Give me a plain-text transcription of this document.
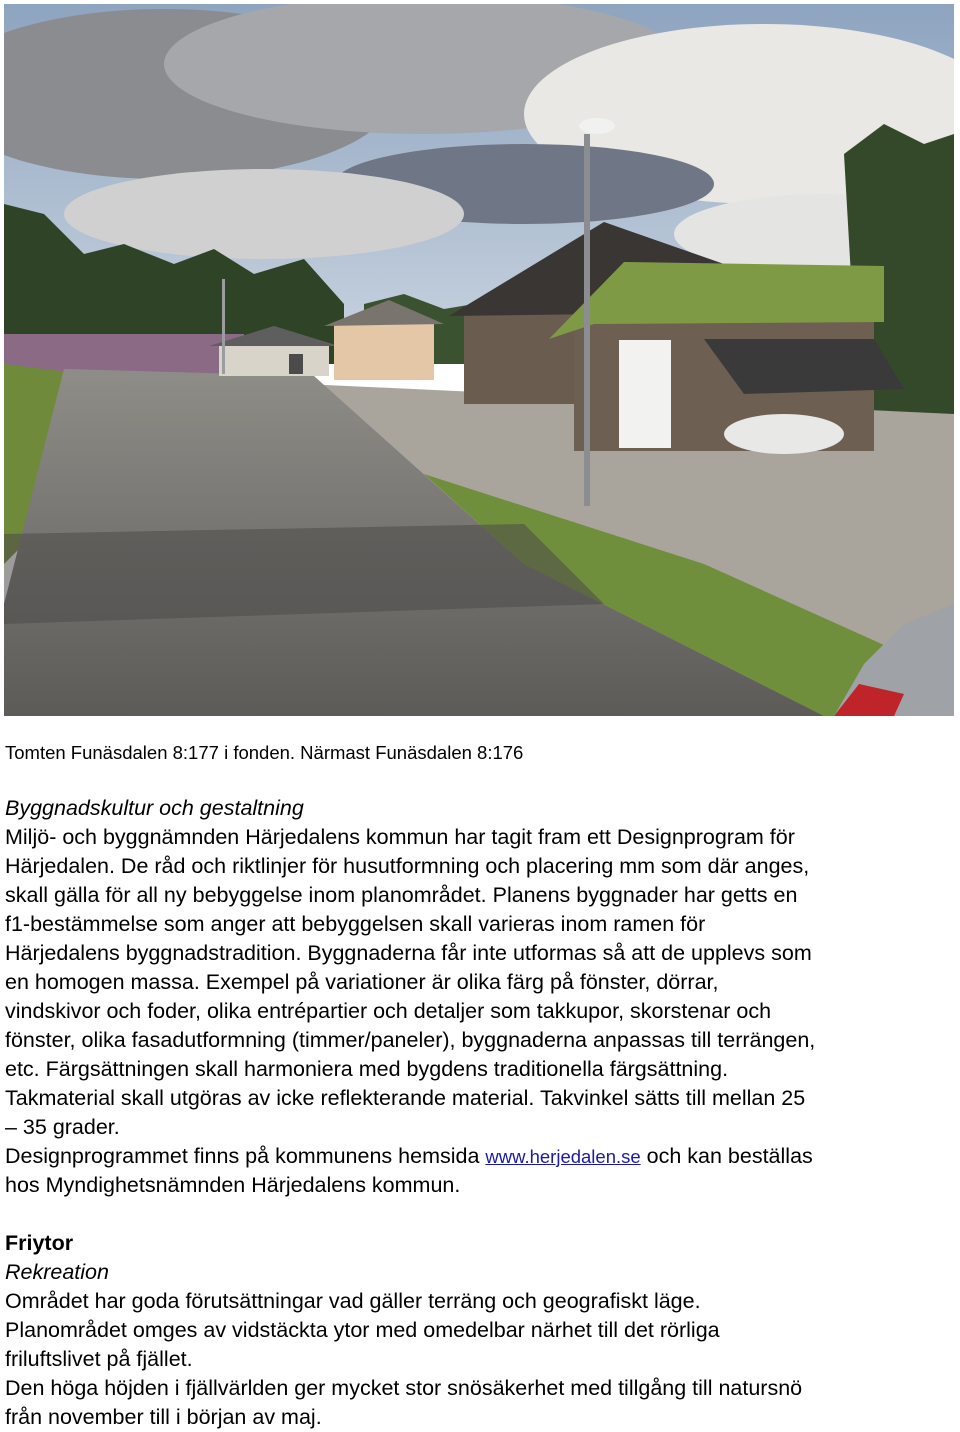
Tomten Funäsdalen 8:177 i fonden. Närmast Funäsdalen 8:176
Byggnadskultur och gestaltning
Miljö- och byggnämnden Härjedalens kommun har tagit fram ett Designprogram för
Härjedalen. De råd och riktlinjer för husutformning och placering mm som där anges,
skall gälla för all ny bebyggelse inom planområdet. Planens byggnader har getts en
f1-bestämmelse som anger att bebyggelsen skall varieras inom ramen för
Härjedalens byggnadstradition. Byggnaderna får inte utformas så att de upplevs som
en homogen massa. Exempel på variationer är olika färg på fönster, dörrar,
vindskivor och foder, olika entrépartier och detaljer som takkupor, skorstenar och
fönster, olika fasadutformning (timmer/paneler), byggnaderna anpassas till terrängen,
etc. Färgsättningen skall harmoniera med bygdens traditionella färgsättning.
Takmaterial skall utgöras av icke reflekterande material. Takvinkel sätts till mellan 25
– 35 grader.
Designprogrammet finns på kommunens hemsida www.herjedalen.se och kan beställas
hos Myndighetsnämnden Härjedalens kommun.
Friytor
Rekreation
Området har goda förutsättningar vad gäller terräng och geografiskt läge.
Planområdet omges av vidstäckta ytor med omedelbar närhet till det rörliga
friluftslivet på fjället.
Den höga höjden i fjällvärlden ger mycket stor snösäkerhet med tillgång till natursnö
från november till i början av maj.
